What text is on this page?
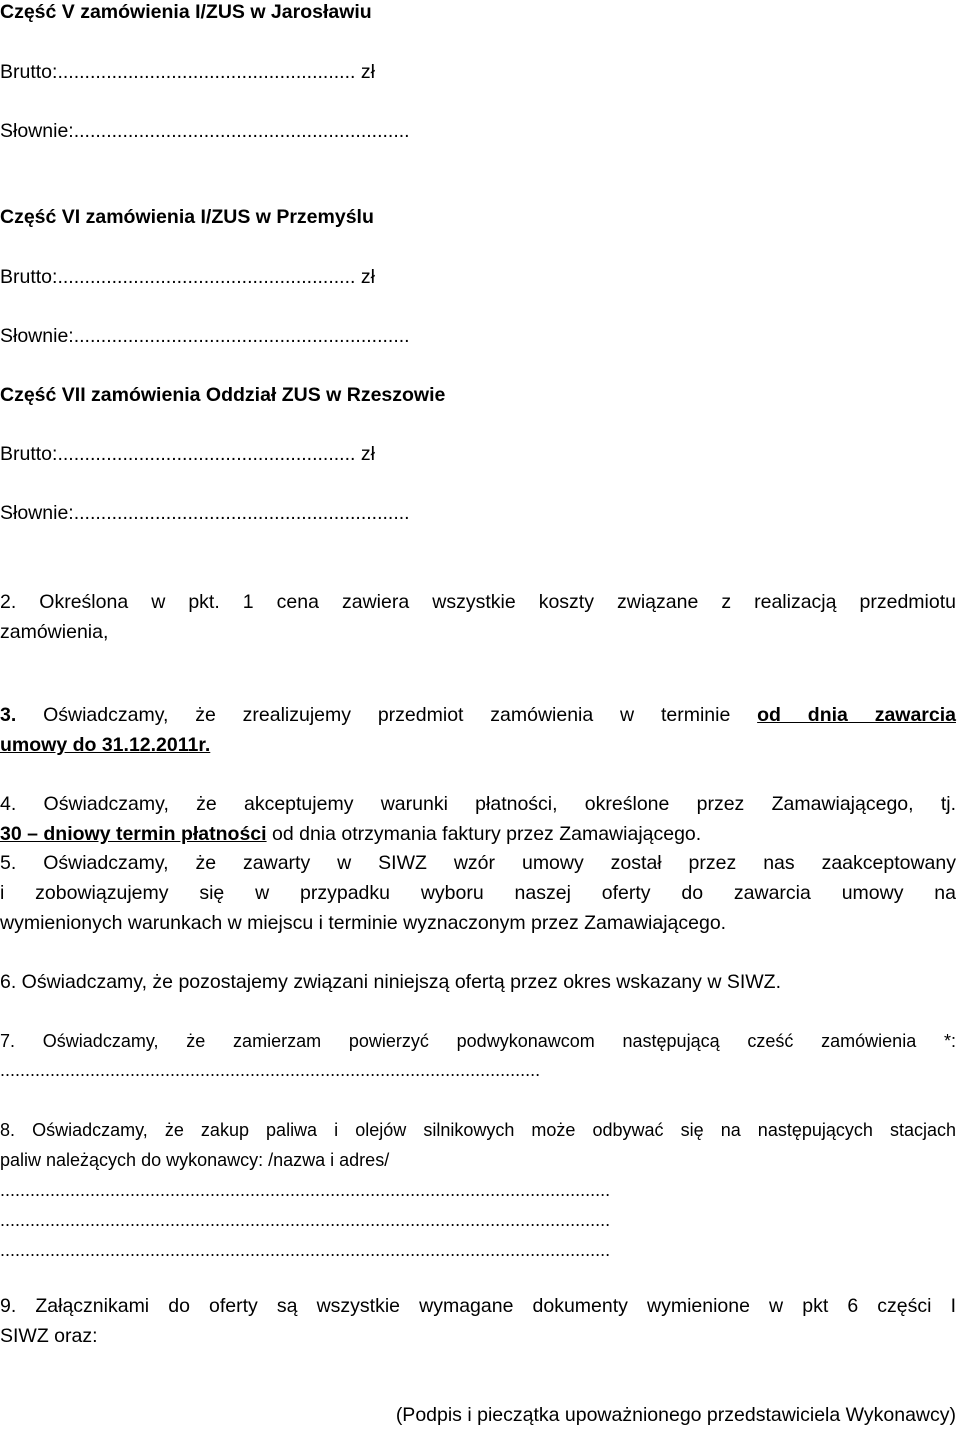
Część V zamówienia I/ZUS w Jarosławiu
Brutto:....................................................... zł
Słownie:..............................................................
Część VI zamówienia I/ZUS w Przemyślu
Brutto:....................................................... zł
Słownie:..............................................................
Część VII zamówienia Oddział ZUS w Rzeszowie
Brutto:....................................................... zł
Słownie:..............................................................
2. Określona w pkt. 1 cena zawiera wszystkie koszty związane z realizacją przedmiotu
zamówienia,
3. Oświadczamy, że zrealizujemy przedmiot zamówienia w terminie od dnia zawarcia
umowy do 31.12.2011r.
4. Oświadczamy, że akceptujemy warunki płatności, określone przez Zamawiającego, tj.
30 – dniowy termin płatności od dnia otrzymania faktury przez Zamawiającego.
5. Oświadczamy, że zawarty w SIWZ wzór umowy został przez nas zaakceptowany
i zobowiązujemy się w przypadku wyboru naszej oferty do zawarcia umowy na
wymienionych warunkach w miejscu i terminie wyznaczonym przez Zamawiającego.
6. Oświadczamy, że pozostajemy związani niniejszą ofertą przez okres wskazany w SIWZ.
7. Oświadczamy, że zamierzam powierzyć podwykonawcom następującą cześć zamówienia *:
............................................................................................................
8. Oświadczamy, że zakup paliwa i olejów silnikowych może odbywać się na następujących stacjach
paliw należących do wykonawcy: /nazwa i adres/
..........................................................................................................................
..........................................................................................................................
..........................................................................................................................
9. Załącznikami do oferty są wszystkie wymagane dokumenty wymienione w pkt 6 części I
SIWZ oraz:
(Podpis i pieczątka upoważnionego przedstawiciela Wykonawcy)
